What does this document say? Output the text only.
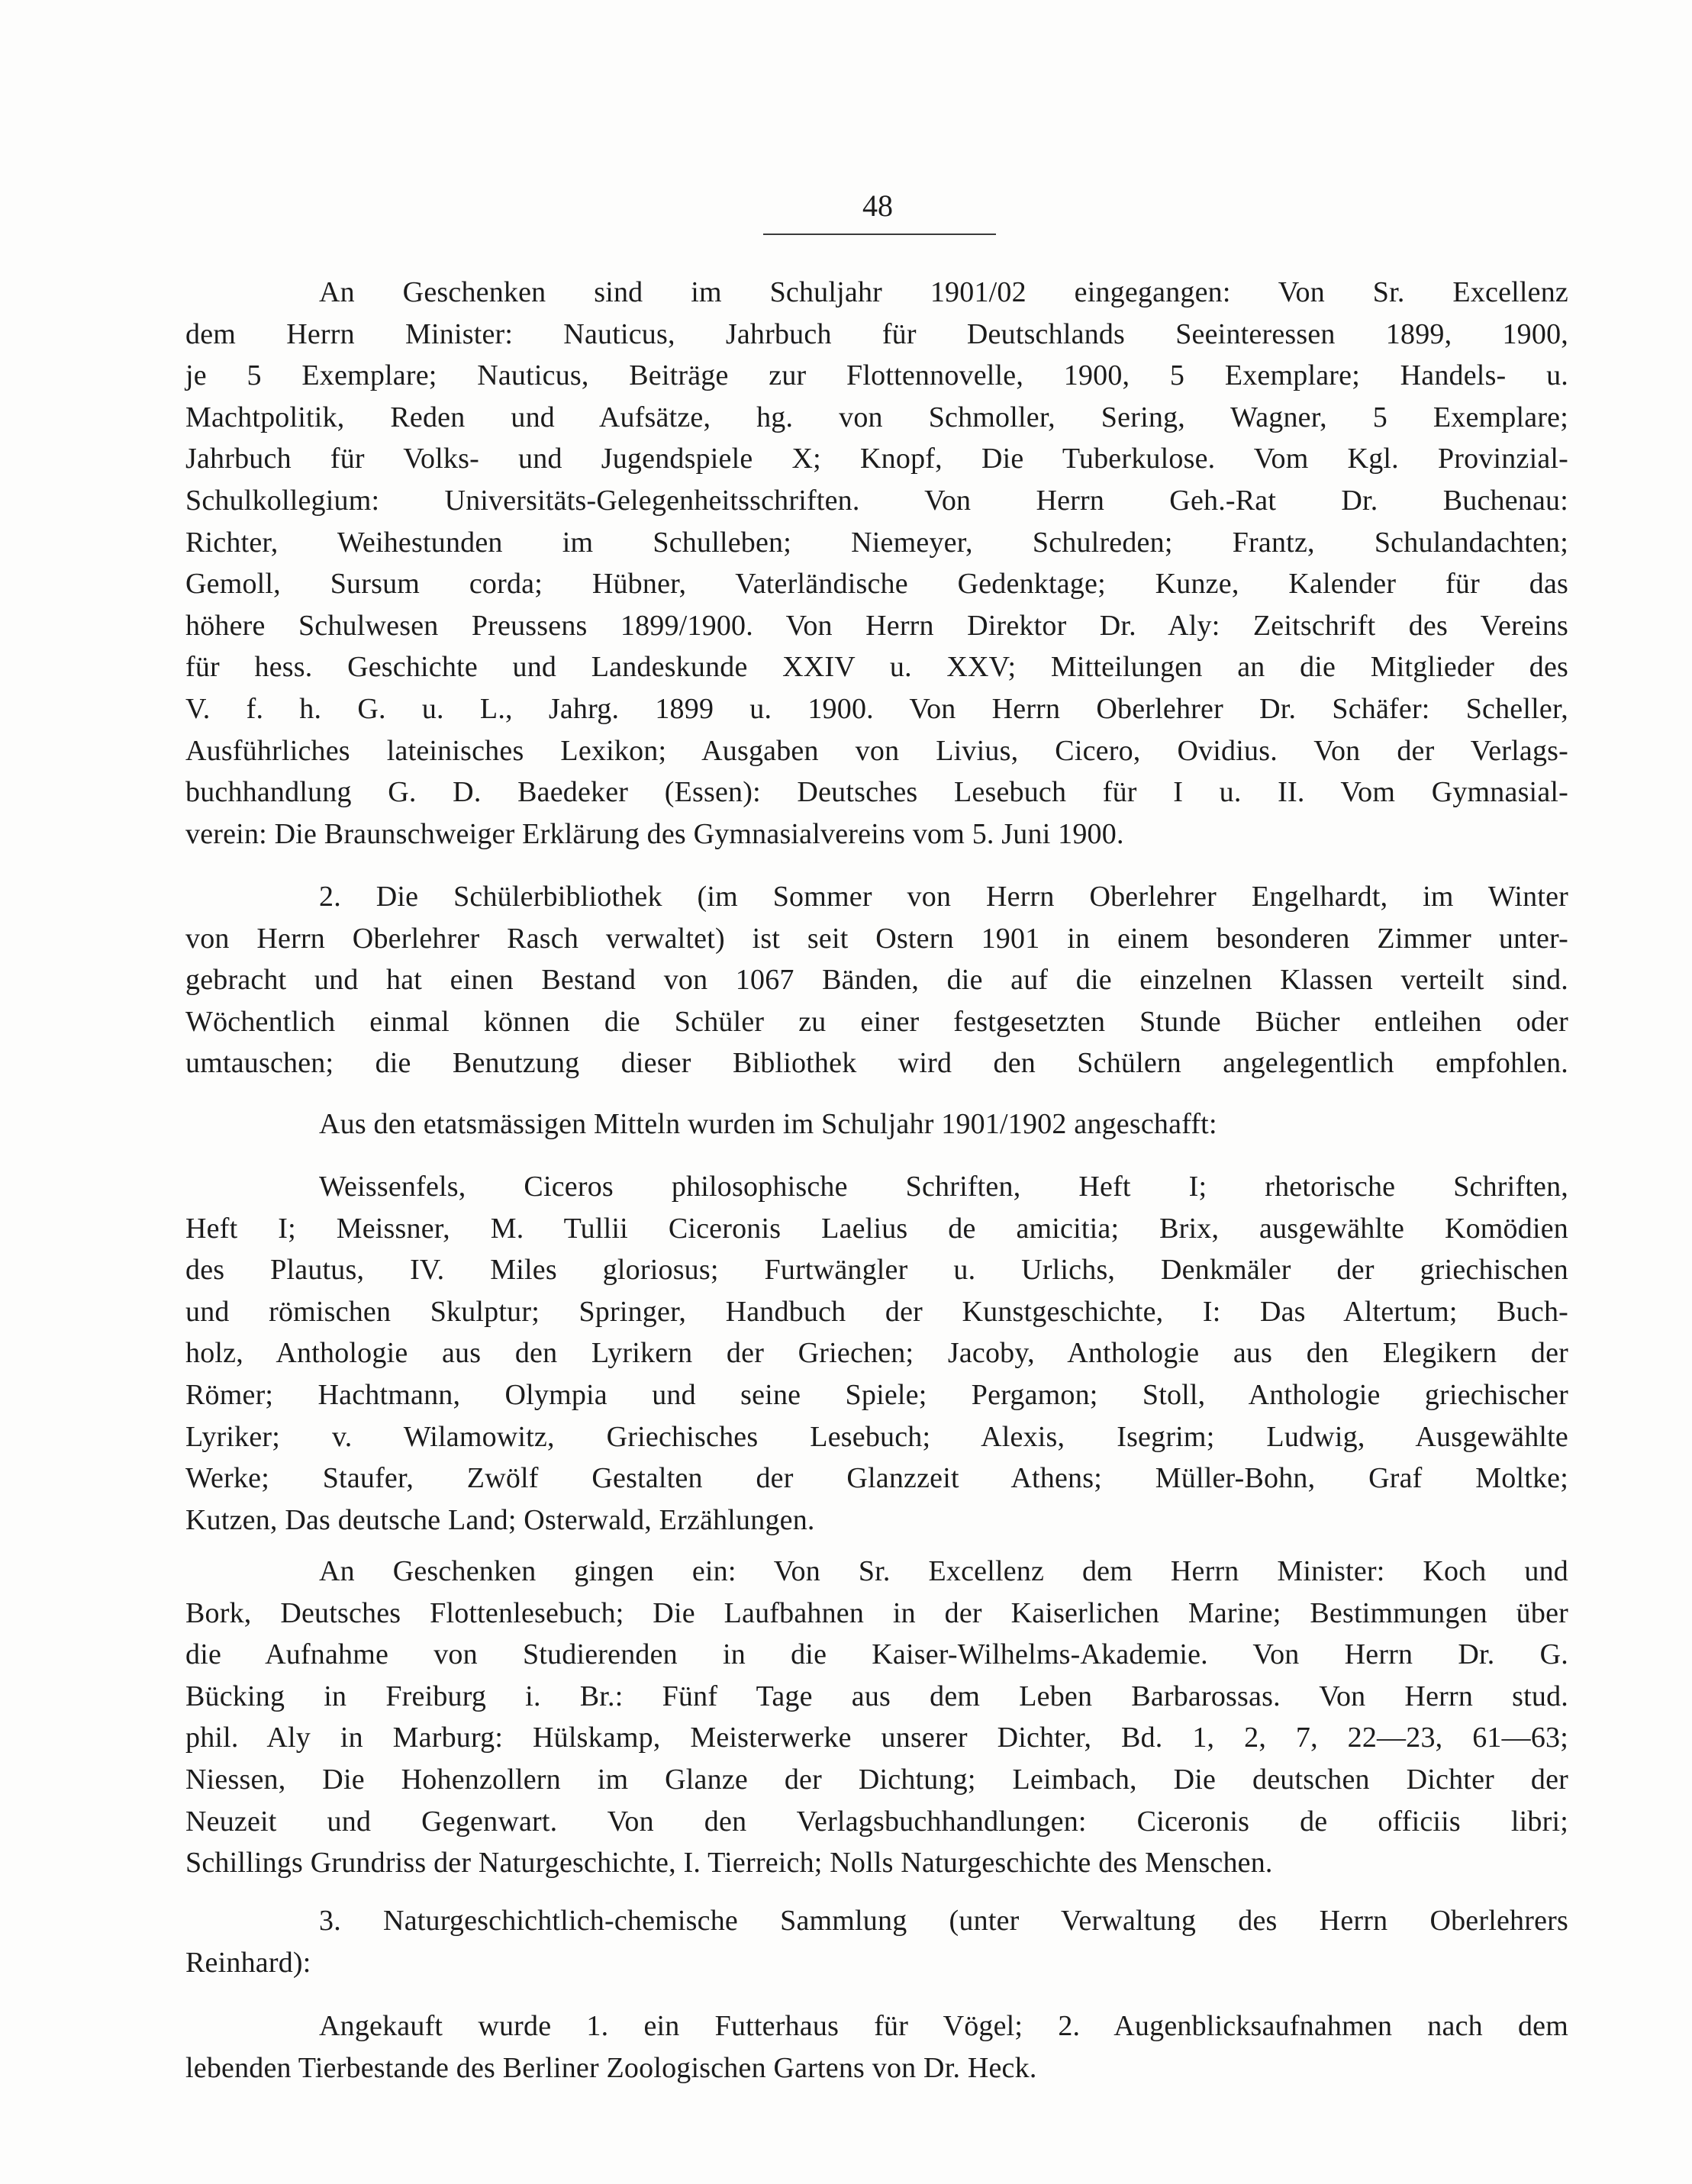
48
An Geschenken sind im Schuljahr 1901/02 eingegangen: Von Sr. Excellenz
dem Herrn Minister: Nauticus, Jahrbuch für Deutschlands Seeinteressen 1899, 1900,
je 5 Exemplare; Nauticus, Beiträge zur Flottennovelle, 1900, 5 Exemplare; Handels- u.
Machtpolitik, Reden und Aufsätze, hg. von Schmoller, Sering, Wagner, 5 Exemplare;
Jahrbuch für Volks- und Jugendspiele X; Knopf, Die Tuberkulose. Vom Kgl. Provinzial-
Schulkollegium: Universitäts-Gelegenheitsschriften. Von Herrn Geh.-Rat Dr. Buchenau:
Richter, Weihestunden im Schulleben; Niemeyer, Schulreden; Frantz, Schulandachten;
Gemoll, Sursum corda; Hübner, Vaterländische Gedenktage; Kunze, Kalender für das
höhere Schulwesen Preussens 1899/1900. Von Herrn Direktor Dr. Aly: Zeitschrift des Vereins
für hess. Geschichte und Landeskunde XXIV u. XXV; Mitteilungen an die Mitglieder des
V. f. h. G. u. L., Jahrg. 1899 u. 1900. Von Herrn Oberlehrer Dr. Schäfer: Scheller,
Ausführliches lateinisches Lexikon; Ausgaben von Livius, Cicero, Ovidius. Von der Verlags-
buchhandlung G. D. Baedeker (Essen): Deutsches Lesebuch für I u. II. Vom Gymnasial-
verein: Die Braunschweiger Erklärung des Gymnasialvereins vom 5. Juni 1900.
2. Die Schülerbibliothek (im Sommer von Herrn Oberlehrer Engelhardt, im Winter
von Herrn Oberlehrer Rasch verwaltet) ist seit Ostern 1901 in einem besonderen Zimmer unter-
gebracht und hat einen Bestand von 1067 Bänden, die auf die einzelnen Klassen verteilt sind.
Wöchentlich einmal können die Schüler zu einer festgesetzten Stunde Bücher entleihen oder
umtauschen; die Benutzung dieser Bibliothek wird den Schülern angelegentlich empfohlen.
Aus den etatsmässigen Mitteln wurden im Schuljahr 1901/1902 angeschafft:
Weissenfels, Ciceros philosophische Schriften, Heft I; rhetorische Schriften,
Heft I; Meissner, M. Tullii Ciceronis Laelius de amicitia; Brix, ausgewählte Komödien
des Plautus, IV. Miles gloriosus; Furtwängler u. Urlichs, Denkmäler der griechischen
und römischen Skulptur; Springer, Handbuch der Kunstgeschichte, I: Das Altertum; Buch-
holz, Anthologie aus den Lyrikern der Griechen; Jacoby, Anthologie aus den Elegikern der
Römer; Hachtmann, Olympia und seine Spiele; Pergamon; Stoll, Anthologie griechischer
Lyriker; v. Wilamowitz, Griechisches Lesebuch; Alexis, Isegrim; Ludwig, Ausgewählte
Werke; Staufer, Zwölf Gestalten der Glanzzeit Athens; Müller-Bohn, Graf Moltke;
Kutzen, Das deutsche Land; Osterwald, Erzählungen.
An Geschenken gingen ein: Von Sr. Excellenz dem Herrn Minister: Koch und
Bork, Deutsches Flottenlesebuch; Die Laufbahnen in der Kaiserlichen Marine; Bestimmungen über
die Aufnahme von Studierenden in die Kaiser-Wilhelms-Akademie. Von Herrn Dr. G.
Bücking in Freiburg i. Br.: Fünf Tage aus dem Leben Barbarossas. Von Herrn stud.
phil. Aly in Marburg: Hülskamp, Meisterwerke unserer Dichter, Bd. 1, 2, 7, 22—23, 61—63;
Niessen, Die Hohenzollern im Glanze der Dichtung; Leimbach, Die deutschen Dichter der
Neuzeit und Gegenwart. Von den Verlagsbuchhandlungen: Ciceronis de officiis libri;
Schillings Grundriss der Naturgeschichte, I. Tierreich; Nolls Naturgeschichte des Menschen.
3. Naturgeschichtlich-chemische Sammlung (unter Verwaltung des Herrn Oberlehrers
Reinhard):
Angekauft wurde 1. ein Futterhaus für Vögel; 2. Augenblicksaufnahmen nach dem
lebenden Tierbestande des Berliner Zoologischen Gartens von Dr. Heck.
